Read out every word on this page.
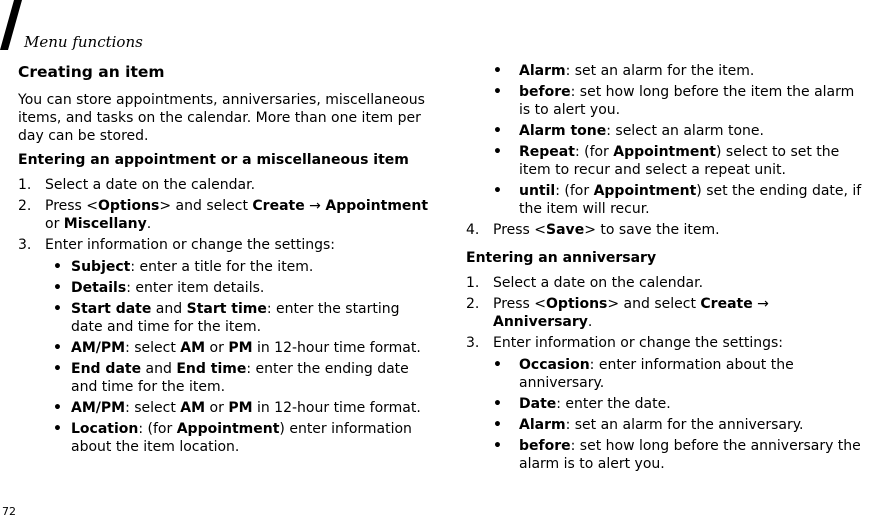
Menu functions
72
Creating an item

You can store appointments, anniversaries, miscellaneous items, and tasks on the calendar. More than one item per day can be stored.

Entering an appointment or a miscellaneous item
1. Select a date on the calendar.
2. Press <Options> and select Create → Appointment or Miscellany.
3. Enter information or change the settings:
• Subject: enter a title for the item.
• Details: enter item details.
• Start date and Start time: enter the starting date and time for the item.
• AM/PM: select AM or PM in 12-hour time format.
• End date and End time: enter the ending date and time for the item.
• AM/PM: select AM or PM in 12-hour time format.
• Location: (for Appointment) enter information about the item location.
• Alarm: set an alarm for the item.
• before: set how long before the item the alarm is to alert you.
• Alarm tone: select an alarm tone.
• Repeat: (for Appointment) select to set the item to recur and select a repeat unit.
• until: (for Appointment) set the ending date, if the item will recur.
4. Press <Save> to save the item.
Entering an anniversary
1. Select a date on the calendar.
2. Press <Options> and select Create → Anniversary.
3. Enter information or change the settings:
• Occasion: enter information about the anniversary.
• Date: enter the date.
• Alarm: set an alarm for the anniversary.
• before: set how long before the anniversary the alarm is to alert you.
